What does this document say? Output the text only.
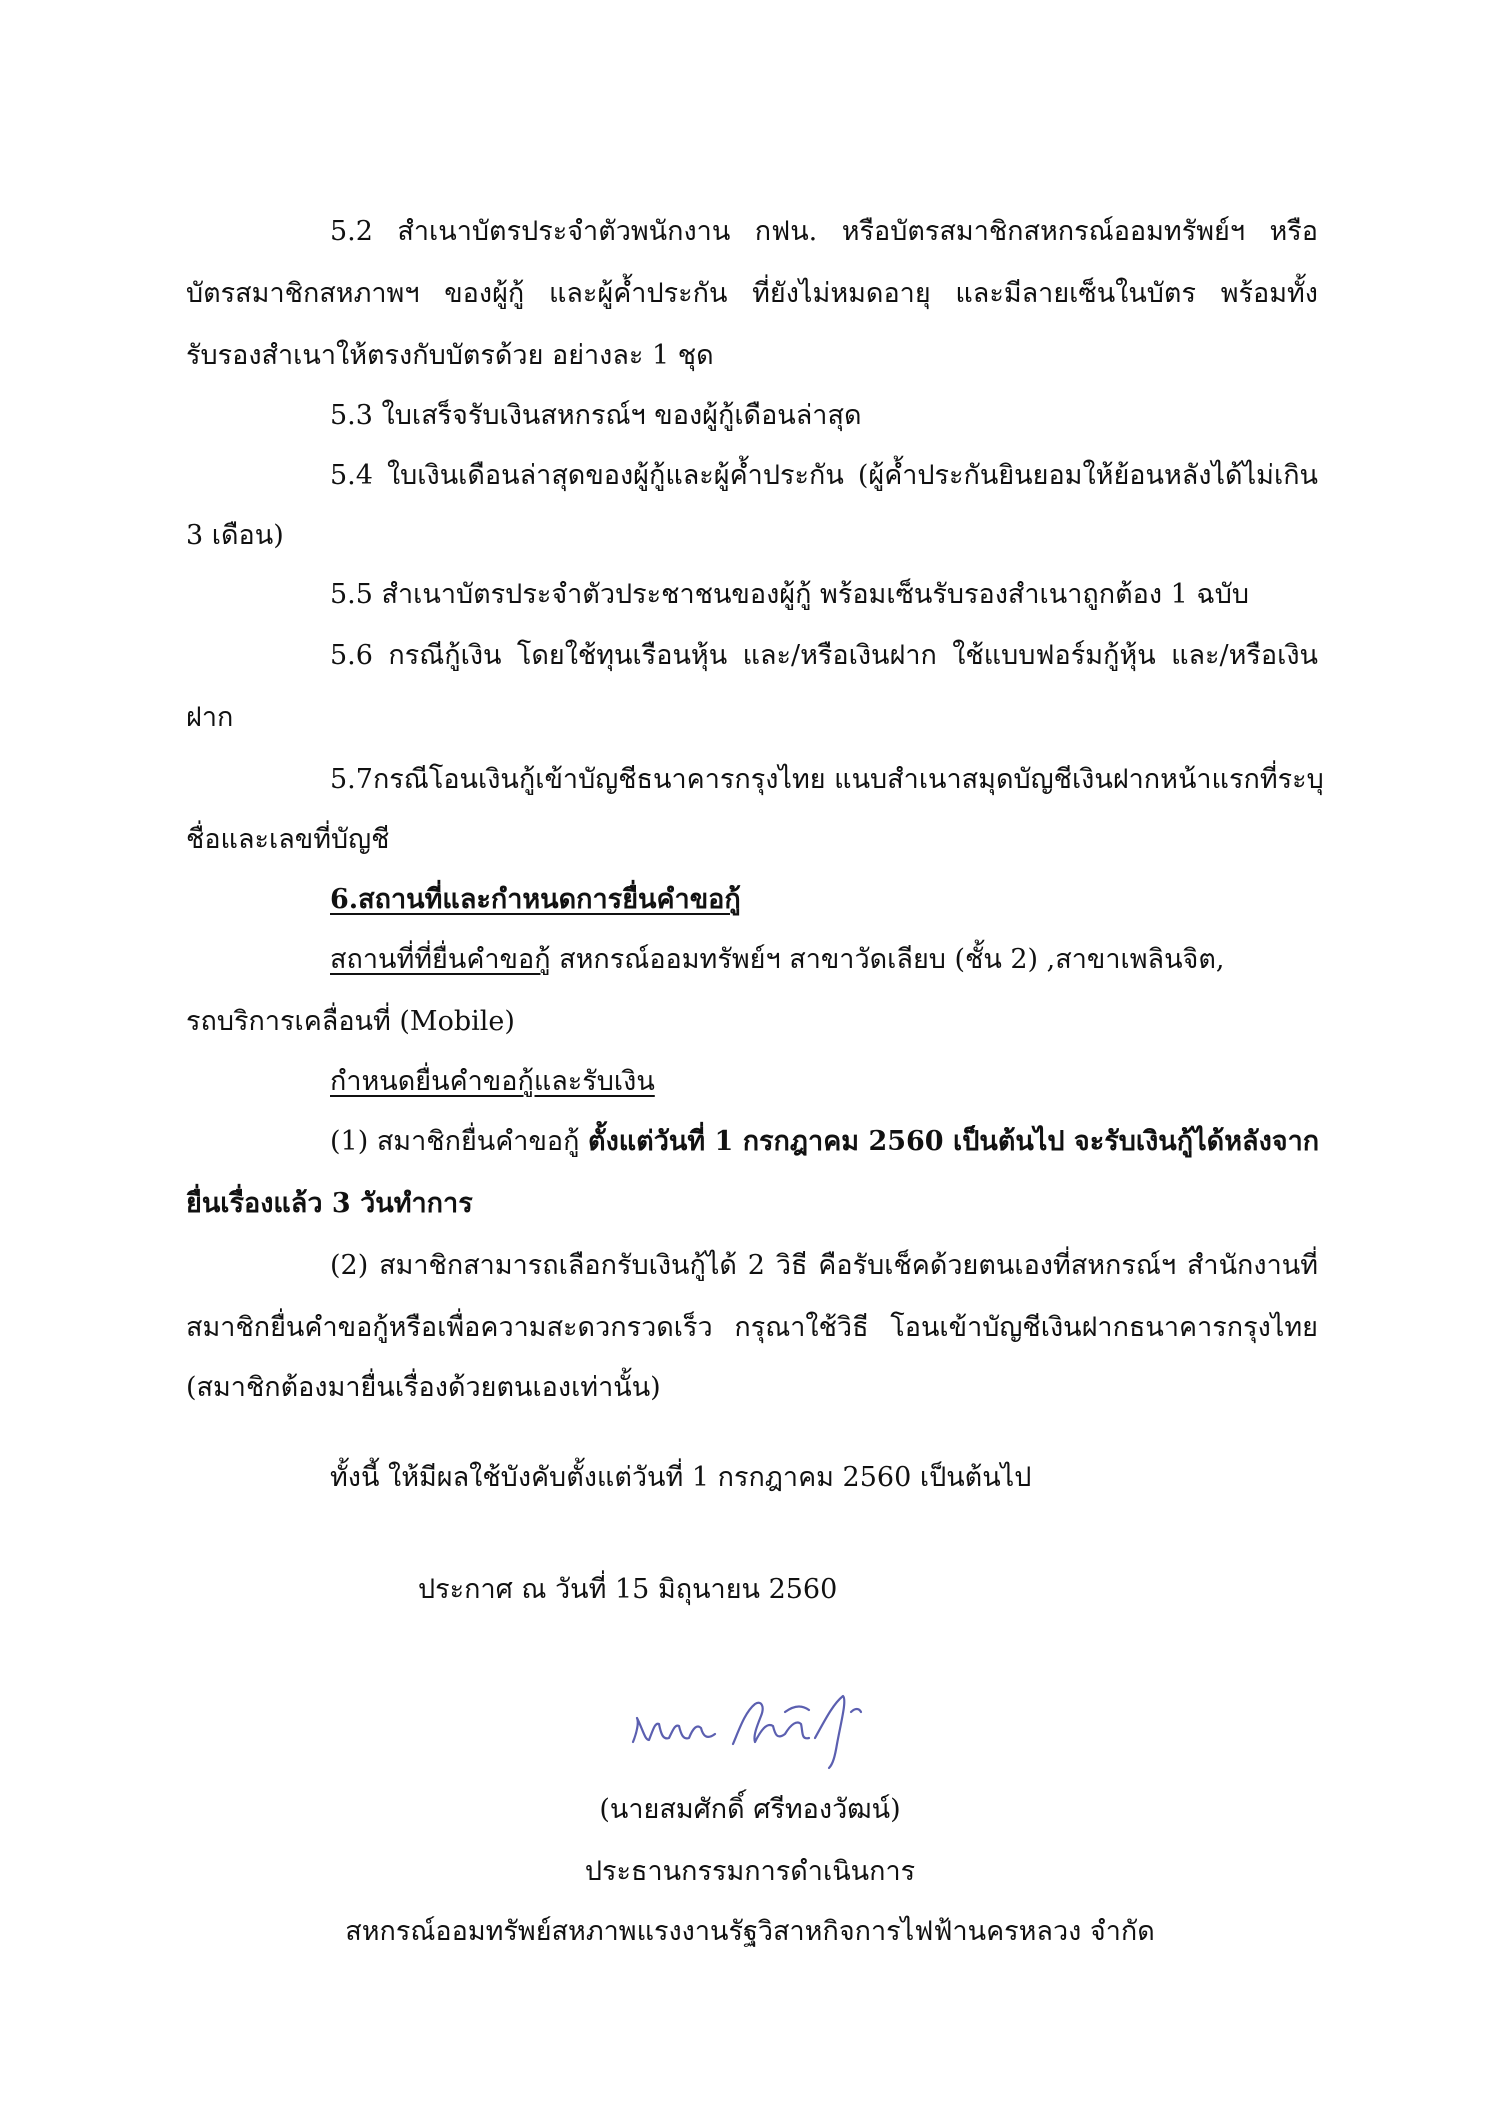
5.2 สำเนาบัตรประจำตัวพนักงาน กฟน. หรือบัตรสมาชิกสหกรณ์ออมทรัพย์ฯ หรือ
บัตรสมาชิกสหภาพฯ ของผู้กู้ และผู้ค้ำประกัน ที่ยังไม่หมดอายุ และมีลายเซ็นในบัตร พร้อมทั้ง
รับรองสำเนาให้ตรงกับบัตรด้วย อย่างละ 1 ชุด
5.3 ใบเสร็จรับเงินสหกรณ์ฯ ของผู้กู้เดือนล่าสุด
5.4 ใบเงินเดือนล่าสุดของผู้กู้และผู้ค้ำประกัน (ผู้ค้ำประกันยินยอมให้ย้อนหลังได้ไม่เกิน
3 เดือน)
5.5 สำเนาบัตรประจำตัวประชาชนของผู้กู้ พร้อมเซ็นรับรองสำเนาถูกต้อง 1 ฉบับ
5.6 กรณีกู้เงิน โดยใช้ทุนเรือนหุ้น และ/หรือเงินฝาก ใช้แบบฟอร์มกู้หุ้น และ/หรือเงิน
ฝาก
5.7กรณีโอนเงินกู้เข้าบัญชีธนาคารกรุงไทย แนบสำเนาสมุดบัญชีเงินฝากหน้าแรกที่ระบุ
ชื่อและเลขที่บัญชี
6.สถานที่และกำหนดการยื่นคำขอกู้
สถานที่ที่ยื่นคำขอกู้ สหกรณ์ออมทรัพย์ฯ สาขาวัดเลียบ (ชั้น 2) ,สาขาเพลินจิต,
รถบริการเคลื่อนที่ (Mobile)
กำหนดยื่นคำขอกู้และรับเงิน
(1) สมาชิกยื่นคำขอกู้ ตั้งแต่วันที่ 1 กรกฎาคม 2560 เป็นต้นไป จะรับเงินกู้ได้หลังจาก
ยื่นเรื่องแล้ว 3 วันทำการ
(2) สมาชิกสามารถเลือกรับเงินกู้ได้ 2 วิธี คือรับเช็คด้วยตนเองที่สหกรณ์ฯ สำนักงานที่
สมาชิกยื่นคำขอกู้หรือเพื่อความสะดวกรวดเร็ว กรุณาใช้วิธี โอนเข้าบัญชีเงินฝากธนาคารกรุงไทย
(สมาชิกต้องมายื่นเรื่องด้วยตนเองเท่านั้น)
ทั้งนี้ ให้มีผลใช้บังคับตั้งแต่วันที่ 1 กรกฎาคม 2560 เป็นต้นไป
ประกาศ ณ วันที่ 15 มิถุนายน 2560
(นายสมศักดิ์ ศรีทองวัฒน์)
ประธานกรรมการดำเนินการ
สหกรณ์ออมทรัพย์สหภาพแรงงานรัฐวิสาหกิจการไฟฟ้านครหลวง จำกัด
